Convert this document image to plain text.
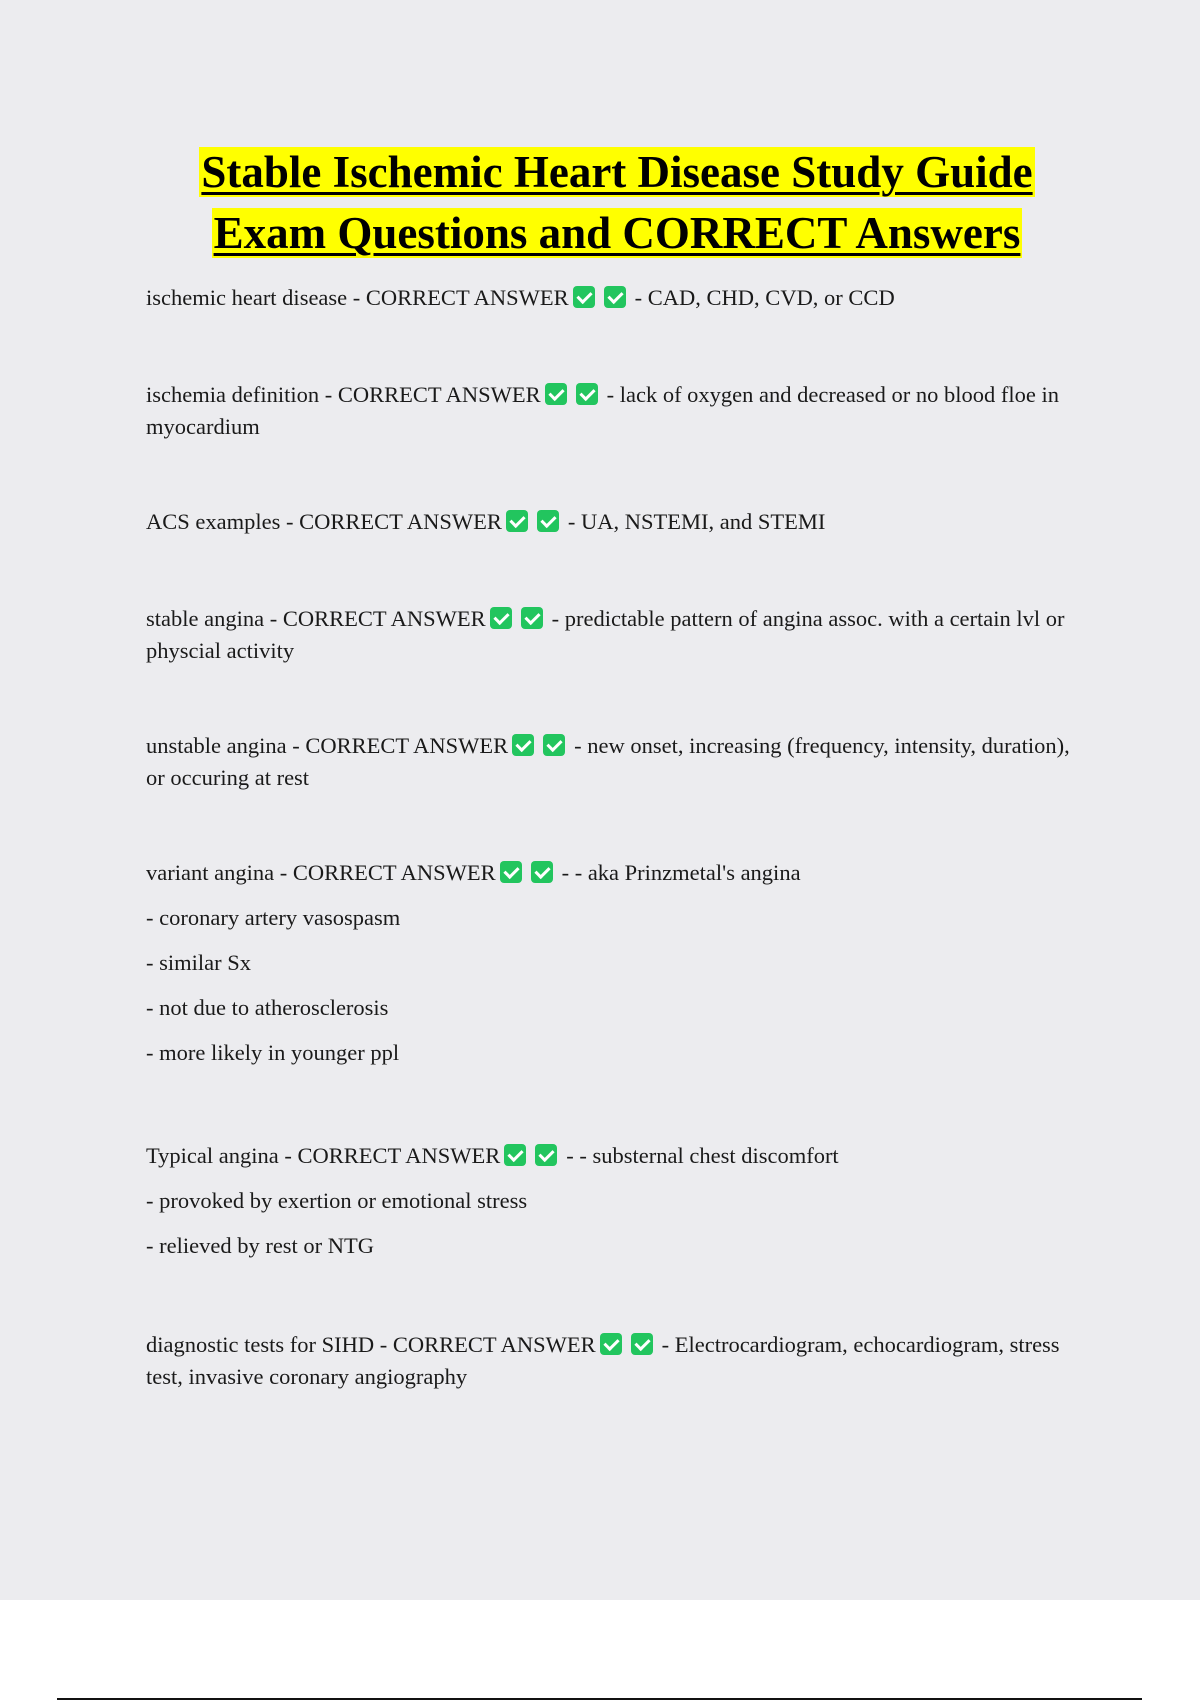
Stable Ischemic Heart Disease Study Guide
Exam Questions and CORRECT Answers

ischemic heart disease - CORRECT ANSWER	- CAD, CHD, CVD, or CCD

ischemia definition - CORRECT ANSWER	- lack of oxygen and decreased or no blood floe in myocardium

ACS examples - CORRECT ANSWER	- UA, NSTEMI, and STEMI

stable angina - CORRECT ANSWER	- predictable pattern of angina assoc. with a certain lvl or physcial activity

unstable angina - CORRECT ANSWER	- new onset, increasing (frequency, intensity, duration), or occuring at rest

variant angina - CORRECT ANSWER	- - aka Prinzmetal's angina

- coronary artery vasospasm

- similar Sx

- not due to atherosclerosis

- more likely in younger ppl

Typical angina - CORRECT ANSWER	- - substernal chest discomfort

- provoked by exertion or emotional stress

- relieved by rest or NTG

diagnostic tests for SIHD - CORRECT ANSWER	- Electrocardiogram, echocardiogram, stress test, invasive coronary angiography
